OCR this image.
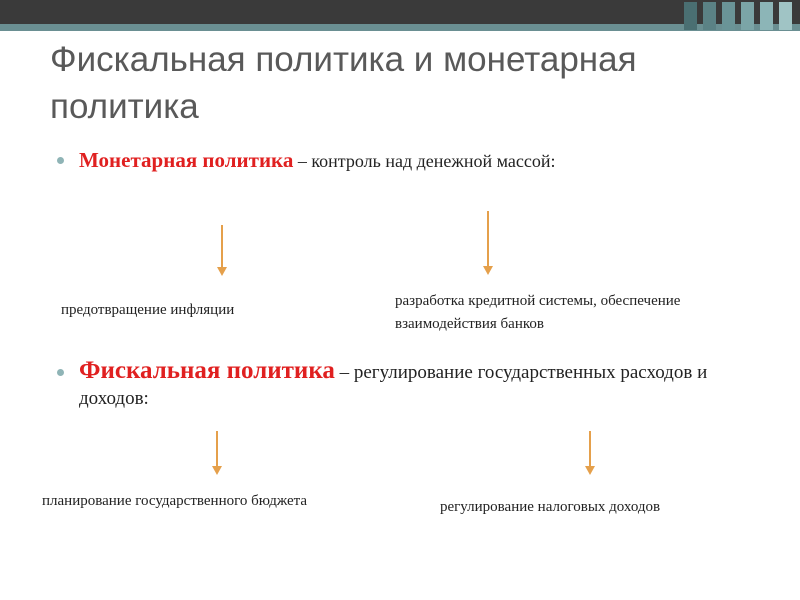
Фискальная политика и монетарная политика
Монетарная политика – контроль над денежной массой:
предотвращение инфляции
разработка кредитной системы, обеспечение взаимодействия банков
Фискальная политика – регулирование государственных расходов и доходов:
планирование государственного бюджета	регулирование налоговых доходов
